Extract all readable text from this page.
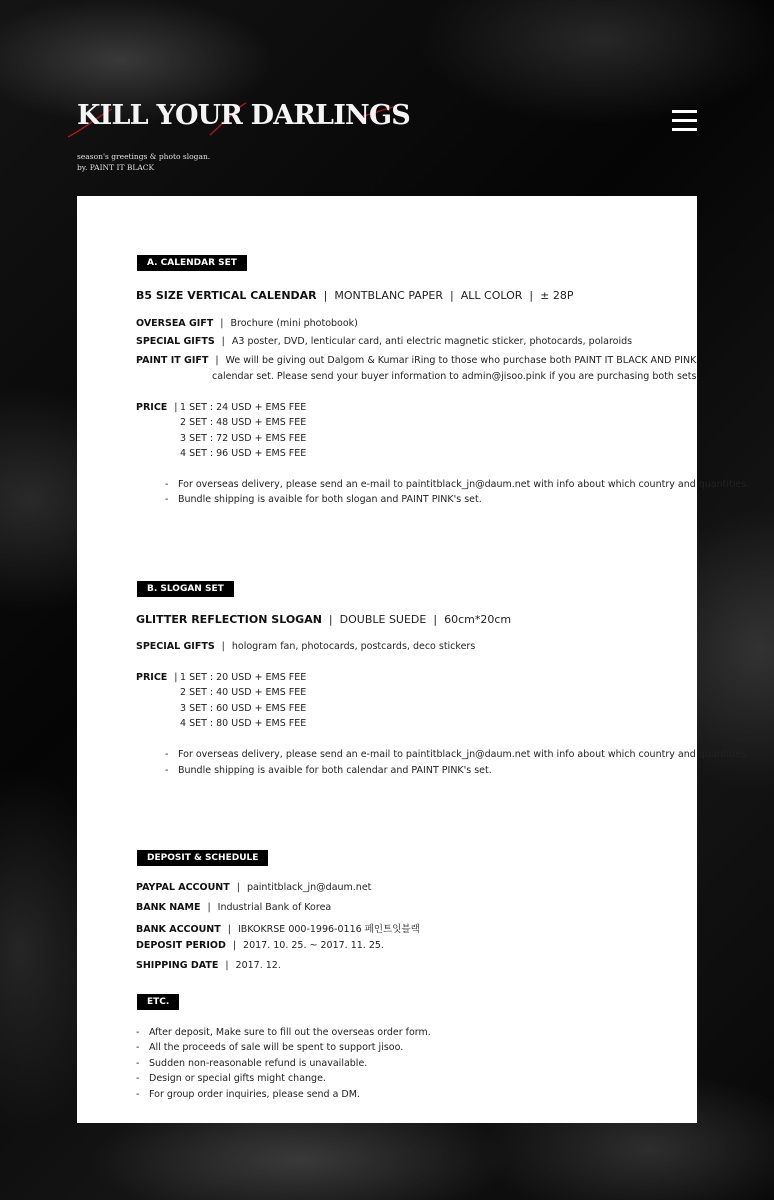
KILL YOUR DARLINGS
season's greetings & photo slogan.
by. PAINT IT BLACK
A. CALENDAR SET
B5 SIZE VERTICAL CALENDAR | MONTBLANC PAPER | ALL COLOR | ± 28P
OVERSEA GIFT | Brochure (mini photobook)
SPECIAL GIFTS | A3 poster, DVD, lenticular card, anti electric magnetic sticker, photocards, polaroids
PAINT IT GIFT | We will be giving out Dalgom & Kumar iRing to those who purchase both PAINT IT BLACK AND PINK
calendar set. Please send your buyer information to admin@jisoo.pink if you are purchasing both sets.
PRICE | 1 SET : 24 USD + EMS FEE
2 SET : 48 USD + EMS FEE
3 SET : 72 USD + EMS FEE
4 SET : 96 USD + EMS FEE
- For overseas delivery, please send an e-mail to paintitblack_jn@daum.net with info about which country and quantities.
- Bundle shipping is avaible for both slogan and PAINT PINK's set.
B. SLOGAN SET
GLITTER REFLECTION SLOGAN | DOUBLE SUEDE | 60cm*20cm
SPECIAL GIFTS | hologram fan, photocards, postcards, deco stickers
PRICE | 1 SET : 20 USD + EMS FEE
2 SET : 40 USD + EMS FEE
3 SET : 60 USD + EMS FEE
4 SET : 80 USD + EMS FEE
- For overseas delivery, please send an e-mail to paintitblack_jn@daum.net with info about which country and quantities.
- Bundle shipping is avaible for both calendar and PAINT PINK's set.
DEPOSIT & SCHEDULE
PAYPAL ACCOUNT | paintitblack_jn@daum.net
BANK NAME | Industrial Bank of Korea
BANK ACCOUNT | IBKOKRSE 000-1996-0116 페인트잇블랙
DEPOSIT PERIOD | 2017. 10. 25. ~ 2017. 11. 25.
SHIPPING DATE | 2017. 12.
ETC.
- After deposit, Make sure to fill out the overseas order form.
- All the proceeds of sale will be spent to support jisoo.
- Sudden non-reasonable refund is unavailable.
- Design or special gifts might change.
- For group order inquiries, please send a DM.
